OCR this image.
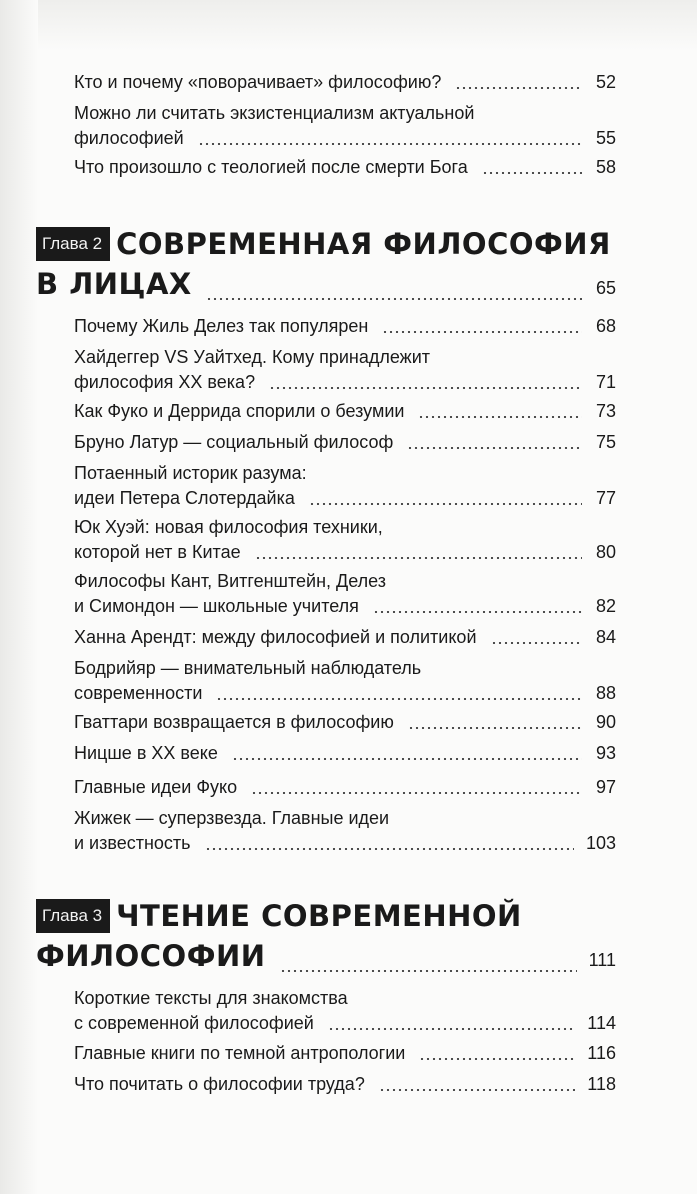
Кто и почему «поворачивает» философию?	52
Можно ли считать экзистенциализм актуальной
философией	55
Что произошло с теологией после смерти Бога	58
Глава 2 СОВРЕМЕННАЯ ФИЛОСОФИЯ
В ЛИЦАХ	65
Почему Жиль Делез так популярен	68
Хайдеггер VS Уайтхед. Кому принадлежит
философия XX века?	71
Как Фуко и Деррида спорили о безумии	73
Бруно Латур — социальный философ	75
Потаенный историк разума:
идеи Петера Слотердайка	77
Юк Хуэй: новая философия техники,
которой нет в Китае	80
Философы Кант, Витгенштейн, Делез
и Симондон — школьные учителя	82
Ханна Арендт: между философией и политикой	84
Бодрийяр — внимательный наблюдатель
современности	88
Гваттари возвращается в философию	90
Ницше в XX веке	93
Главные идеи Фуко	97
Жижек — суперзвезда. Главные идеи
и известность	103
Глава 3 ЧТЕНИЕ СОВРЕМЕННОЙ
ФИЛОСОФИИ	111
Короткие тексты для знакомства
с современной философией	114
Главные книги по темной антропологии	116
Что почитать о философии труда?	118
